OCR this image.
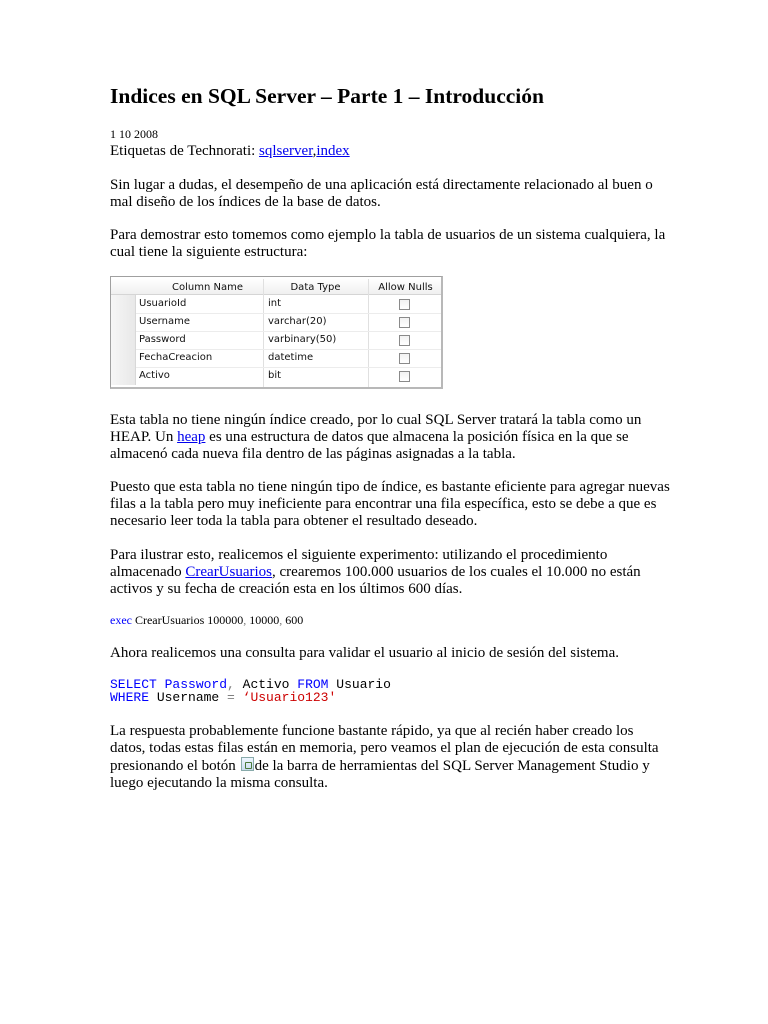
Indices en SQL Server – Parte 1 – Introducción
1 10 2008

Etiquetas de Technorati: sqlserver,index

Sin lugar a dudas, el desempeño de una aplicación está directamente relacionado al buen o mal diseño de los índices de la base de datos.

Para demostrar esto tomemos como ejemplo la tabla de usuarios de un sistema cualquiera, la cual tiene la siguiente estructura:

Column Name	Data Type	Allow Nulls
UsuarioId	int
Username	varchar(20)
Password	varbinary(50)
FechaCreacion	datetime
Activo	bit

Esta tabla no tiene ningún índice creado, por lo cual SQL Server tratará la tabla como un HEAP. Un heap es una estructura de datos que almacena la posición física en la que se almacenó cada nueva fila dentro de las páginas asignadas a la tabla.

Puesto que esta tabla no tiene ningún tipo de índice, es bastante eficiente para agregar nuevas filas a la tabla pero muy ineficiente para encontrar una fila específica, esto se debe a que es necesario leer toda la tabla para obtener el resultado deseado.

Para ilustrar esto, realicemos el siguiente experimento: utilizando el procedimiento almacenado CrearUsuarios, crearemos 100.000 usuarios de los cuales el 10.000 no están activos y su fecha de creación esta en los últimos 600 días.

exec CrearUsuarios 100000, 10000, 600

Ahora realicemos una consulta para validar el usuario al inicio de sesión del sistema.

SELECT Password, Activo FROM Usuario
WHERE Username = ‘Usuario123'

La respuesta probablemente funcione bastante rápido, ya que al recién haber creado los datos, todas estas filas están en memoria, pero veamos el plan de ejecución de esta consulta presionando el botón de la barra de herramientas del SQL Server Management Studio y luego ejecutando la misma consulta.
